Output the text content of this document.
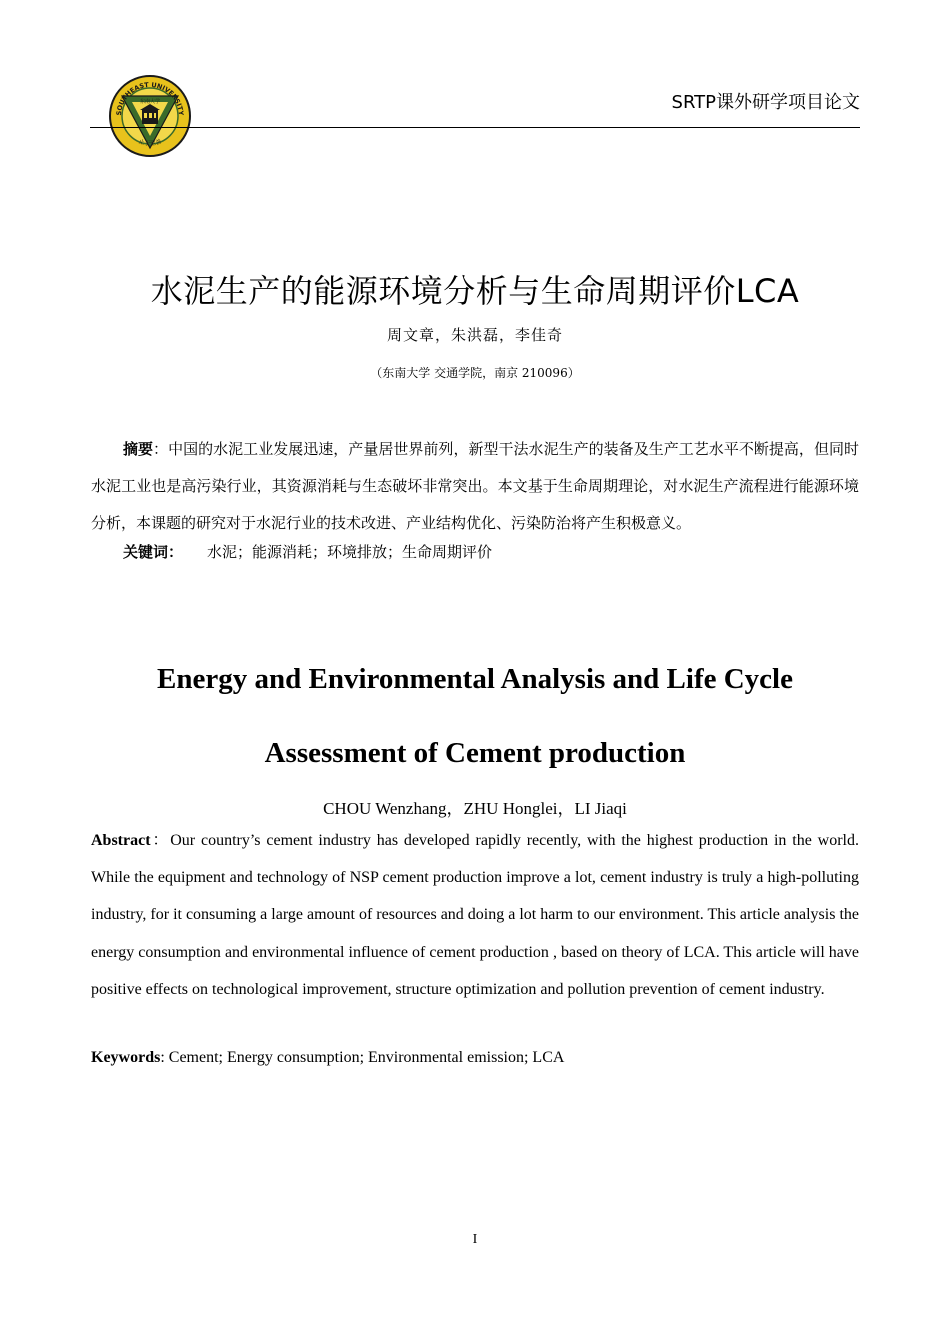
SOUTHEAST UNIVERSITY
东南大学
止于至善
SRTP课外研学项目论文
水泥生产的能源环境分析与生命周期评价LCA
周文章，朱洪磊，李佳奇
（东南大学 交通学院，南京 210096）
摘要：中国的水泥工业发展迅速，产量居世界前列，新型干法水泥生产的装备及生产工艺水平不断提高，但同时水泥工业也是高污染行业，其资源消耗与生态破坏非常突出。本文基于生命周期理论，对水泥生产流程进行能源环境分析，本课题的研究对于水泥行业的技术改进、产业结构优化、污染防治将产生积极意义。
关键词： 水泥；能源消耗；环境排放；生命周期评价
Energy and Environmental Analysis and Life Cycle
Assessment of Cement production
CHOU Wenzhang，ZHU Honglei，LI Jiaqi
Abstract：Our country’s cement industry has developed rapidly recently, with the highest production in the world. While the equipment and technology of NSP cement production improve a lot, cement industry is truly a high-polluting industry, for it consuming a large amount of resources and doing a lot harm to our environment. This article analysis the energy consumption and environmental influence of cement production , based on theory of LCA. This article will have positive effects on technological improvement, structure optimization and pollution prevention of cement industry.
Keywords: Cement; Energy consumption; Environmental emission; LCA
I
